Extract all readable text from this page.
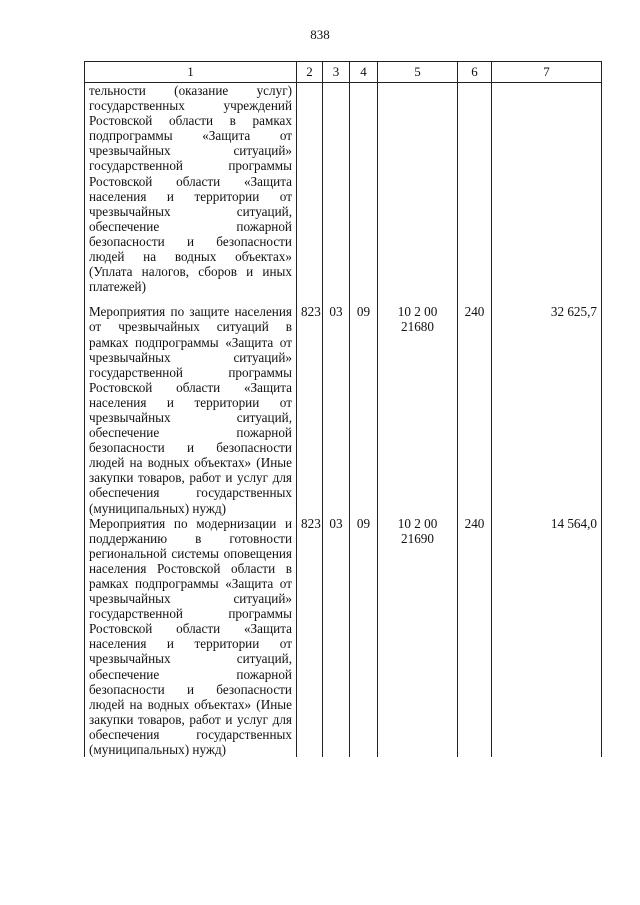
838
1	2	3	4	5	6	7
тельности (оказание услуг) государственных учреждений Ростовской области в рамках подпрограммы «Защита от чрезвычайных ситуаций» государственной программы Ростовской области «Защита населения и территории от чрезвычайных ситуаций, обеспечение пожарной безопасности и безопасности людей на водных объектах» (Уплата налогов, сборов и иных платежей)						
Мероприятия по защите населения от чрезвычайных ситуаций в рамках подпрограммы «Защита от чрезвычайных ситуаций» государственной программы Ростовской области «Защита населения и территории от чрезвычайных ситуаций, обеспечение пожарной безопасности и безопасности людей на водных объектах» (Иные закупки товаров, работ и услуг для обеспечения государственных (муниципальных) нужд)	823	03	09	10 2 00 21680	240	32 625,7
Мероприятия по модернизации и поддержанию в готовности региональной системы оповещения населения Ростовской области в рамках подпрограммы «Защита от чрезвычайных ситуаций» государственной программы Ростовской области «Защита населения и территории от чрезвычайных ситуаций, обеспечение пожарной безопасности и безопасности людей на водных объектах» (Иные закупки товаров, работ и услуг для обеспечения государственных (муниципальных) нужд)	823	03	09	10 2 00 21690	240	14 564,0
